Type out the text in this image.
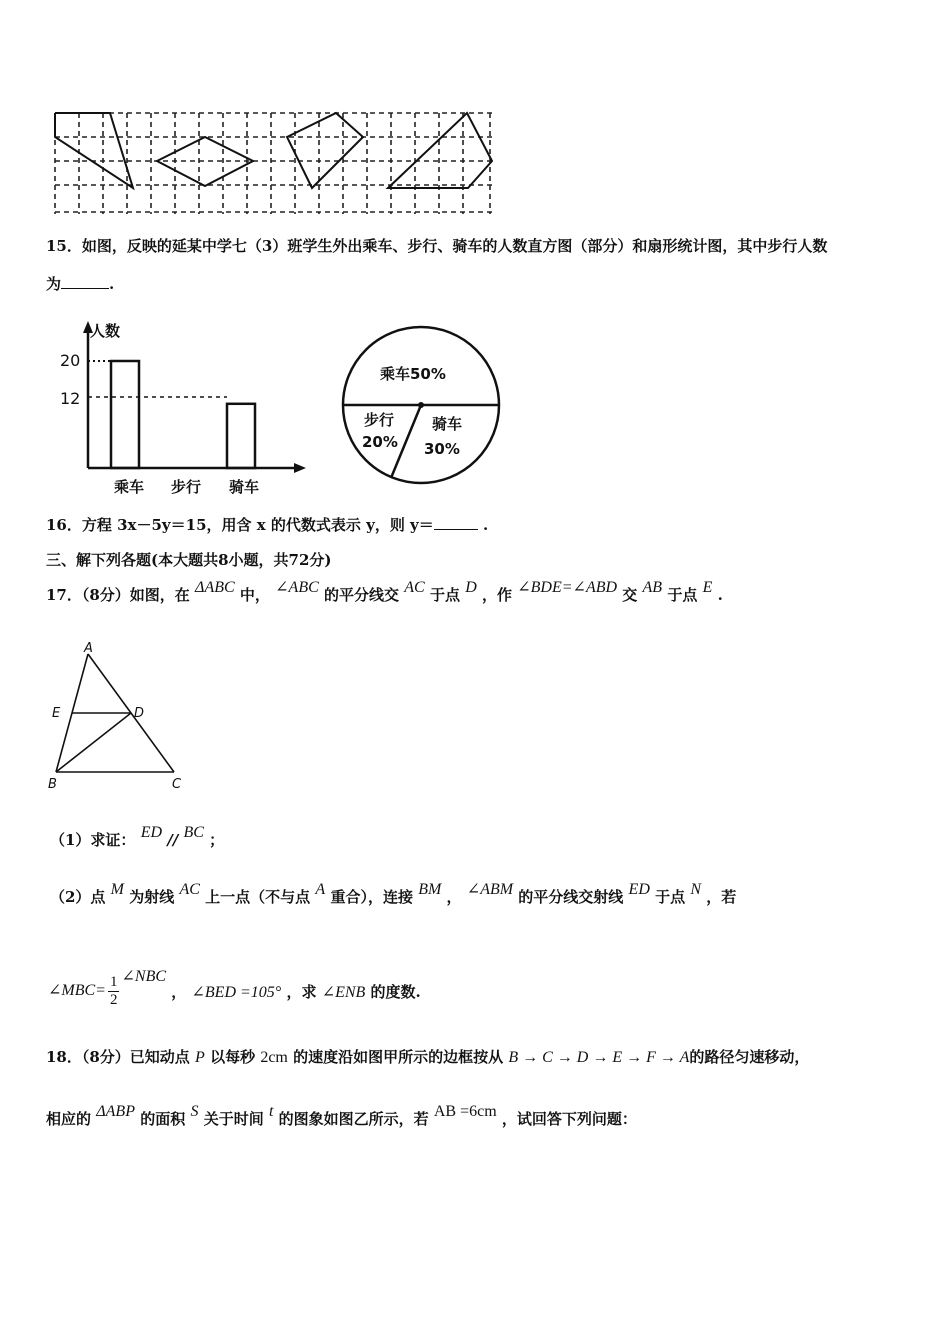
15．如图，反映的延某中学七（3）班学生外出乘车、步行、骑车的人数直方图（部分）和扇形统计图，其中步行人数
为	.
人数
20
12
乘车 步行 骑车
乘车50%
步行
20%
骑车
30%
16．方程 3x－5y＝15，用含 x 的代数式表示 y，则 y＝	.
三、解下列各题(本大题共8小题，共72分)
17．（8分）如图，在 ΔABC 中， ∠ABC 的平分线交 AC 于点 D ，作 ∠BDE=∠ABD 交 AB 于点 E .
A
E	D
B	C
（1）求证： ED // BC ；
（2）点 M 为射线 AC 上一点（不与点 A 重合），连接 BM ， ∠ABM 的平分线交射线 ED 于点 N ，若
∠MBC= $\frac{1}{2}$ ∠NBC ， ∠BED =105° ，求 ∠ENB 的度数.
18．（8分）已知动点 P 以每秒 2cm 的速度沿如图甲所示的边框按从 B → C → D → E → F → A的路径匀速移动，
相应的 ΔABP 的面积 S 关于时间 t 的图象如图乙所示，若 AB =6cm ，试回答下列问题：
